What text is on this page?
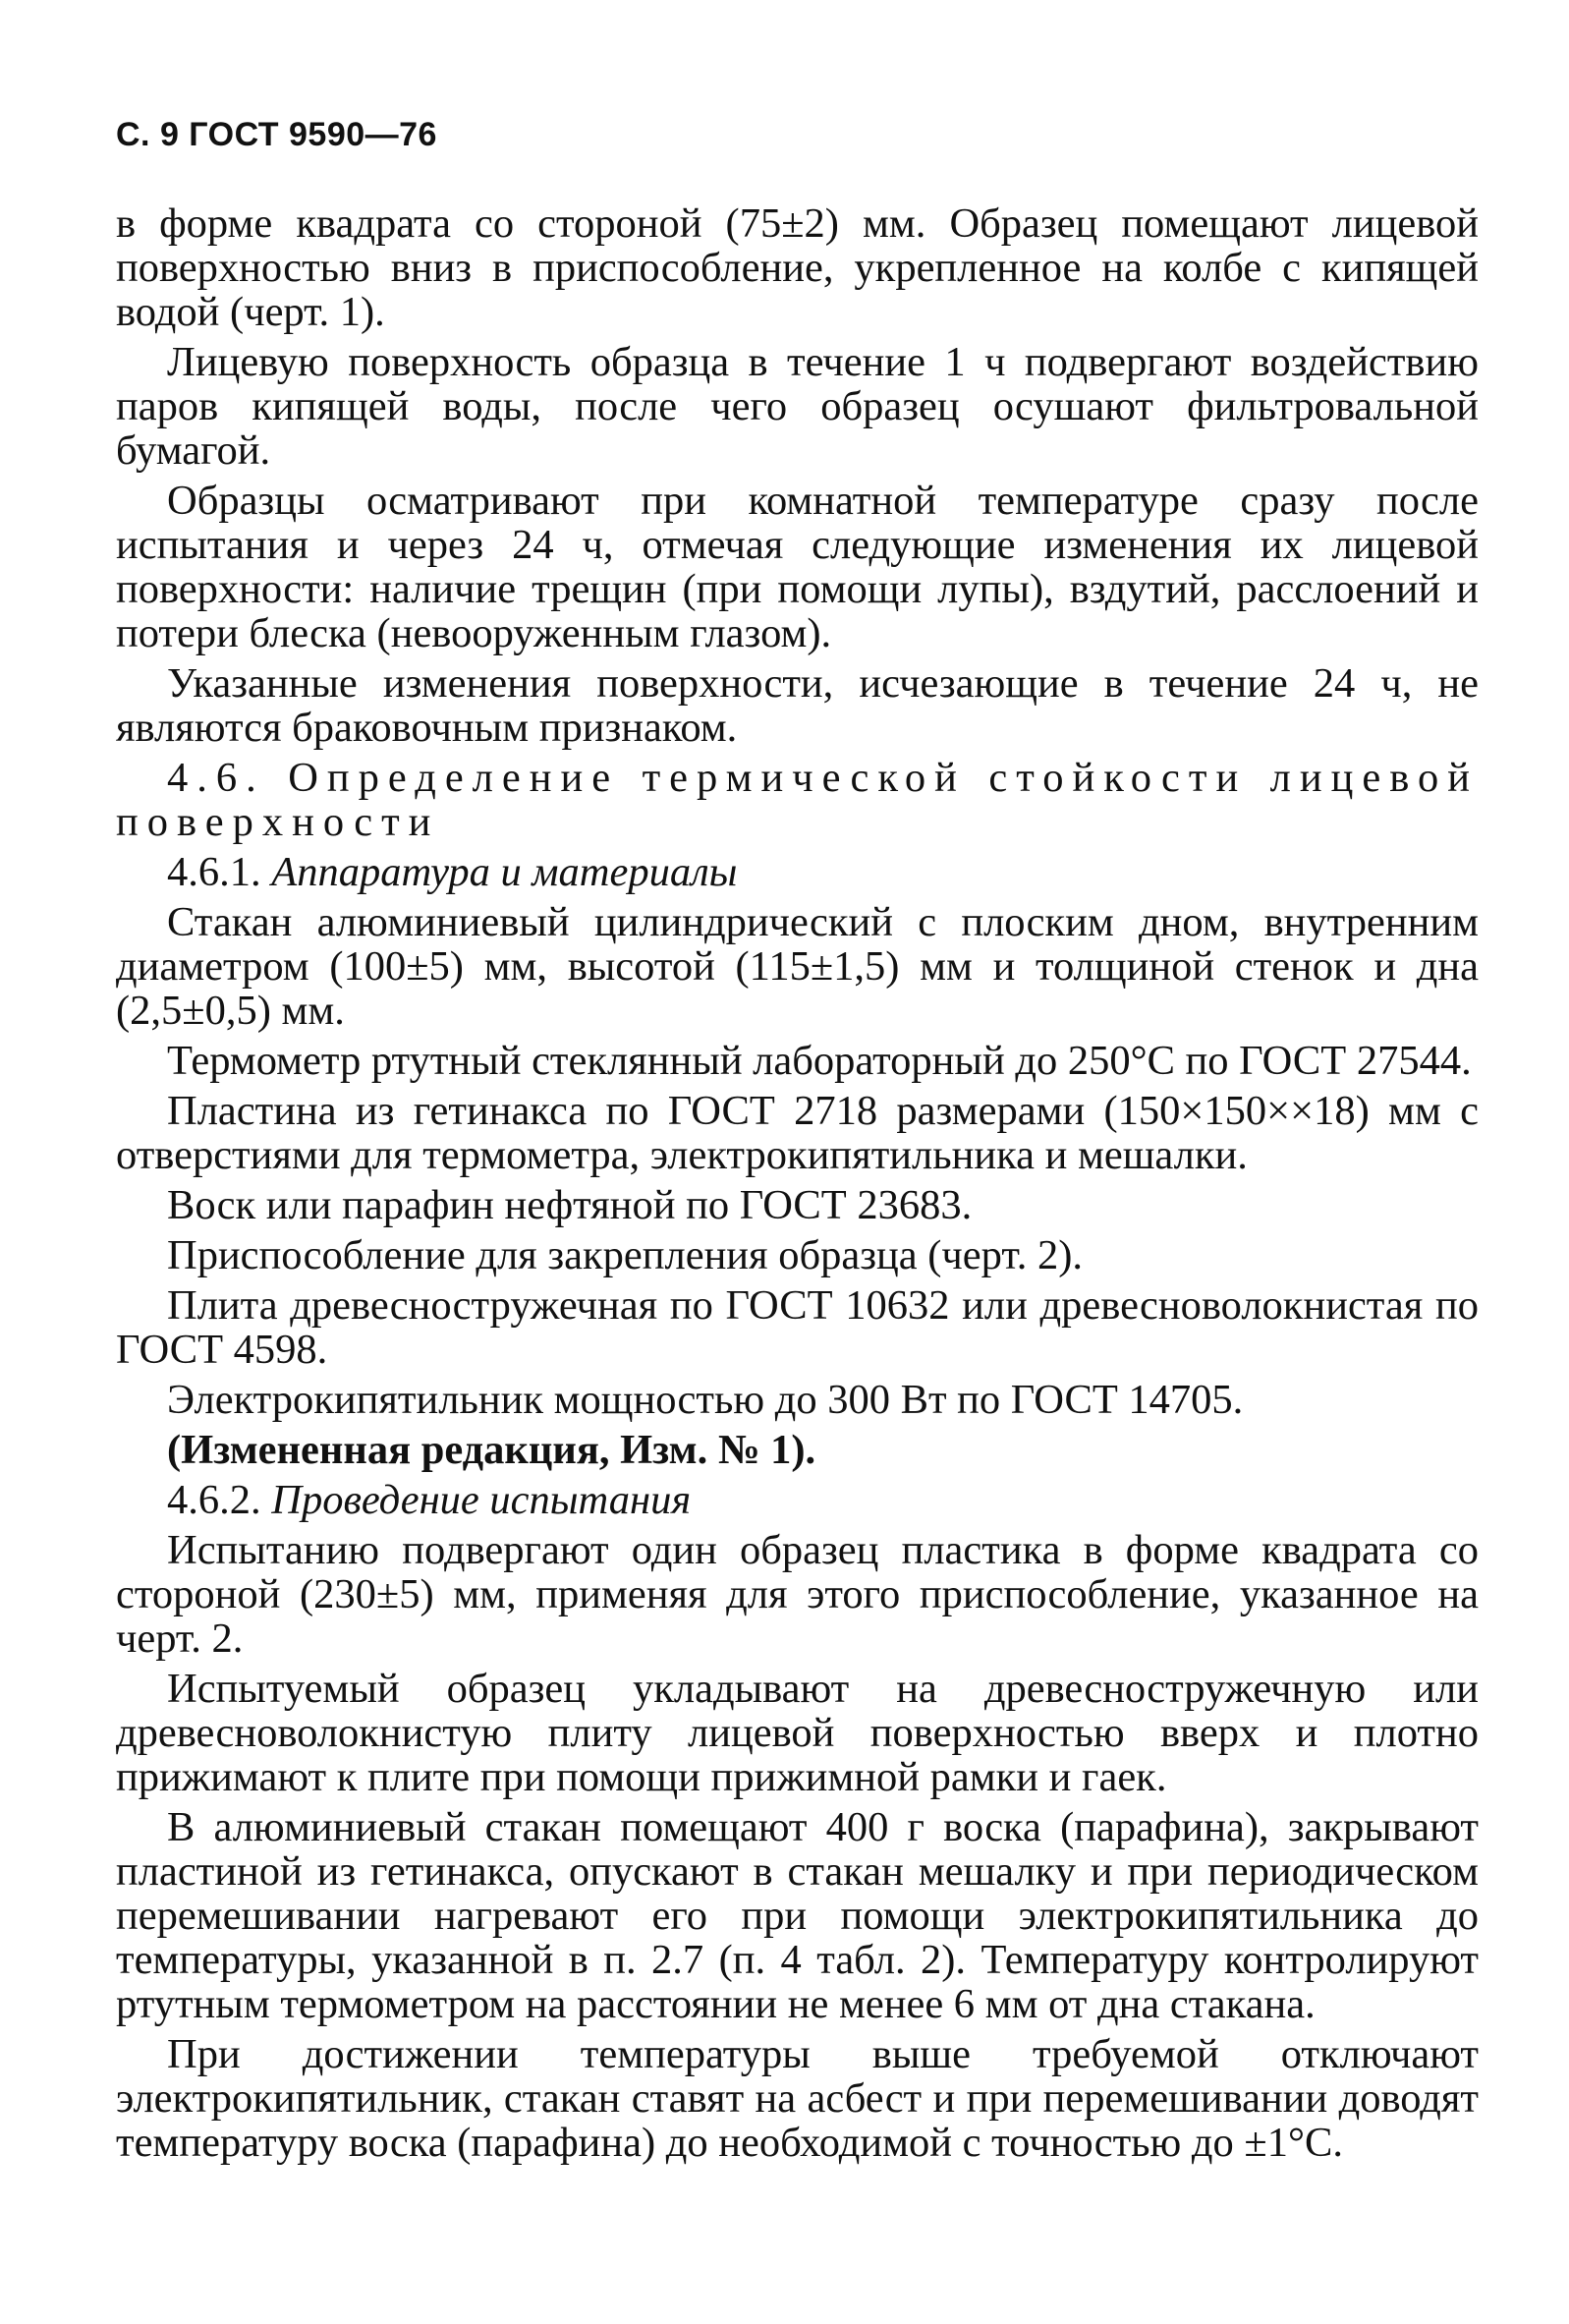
С. 9 ГОСТ 9590—76

в форме квадрата со стороной (75±2) мм. Образец помещают лицевой поверхностью вниз в приспособление, укрепленное на колбе с кипящей водой (черт. 1).

Лицевую поверхность образца в течение 1 ч подвергают воздействию паров кипящей воды, после чего образец осушают фильтровальной бумагой.

Образцы осматривают при комнатной температуре сразу после испытания и через 24 ч, отмечая следующие изменения их лицевой поверхности: наличие трещин (при помощи лупы), вздутий, расслоений и потери блеска (невооруженным глазом).

Указанные изменения поверхности, исчезающие в течение 24 ч, не являются браковочным признаком.

4.6. Определение термической стойкости лицевой поверхности

4.6.1. Аппаратура и материалы

Стакан алюминиевый цилиндрический с плоским дном, внутренним диаметром (100±5) мм, высотой (115±1,5) мм и толщиной стенок и дна (2,5±0,5) мм.

Термометр ртутный стеклянный лабораторный до 250°С по ГОСТ 27544.

Пластина из гетинакса по ГОСТ 2718 размерами (150×150××18) мм с отверстиями для термометра, электрокипятильника и мешалки.

Воск или парафин нефтяной по ГОСТ 23683.

Приспособление для закрепления образца (черт. 2).

Плита древесностружечная по ГОСТ 10632 или древесноволокнистая по ГОСТ 4598.

Электрокипятильник мощностью до 300 Вт по ГОСТ 14705.

(Измененная редакция, Изм. № 1).

4.6.2. Проведение испытания

Испытанию подвергают один образец пластика в форме квадрата со стороной (230±5) мм, применяя для этого приспособление, указанное на черт. 2.

Испытуемый образец укладывают на древесностружечную или древесноволокнистую плиту лицевой поверхностью вверх и плотно прижимают к плите при помощи прижимной рамки и гаек.

В алюминиевый стакан помещают 400 г воска (парафина), закрывают пластиной из гетинакса, опускают в стакан мешалку и при периодическом перемешивании нагревают его при помощи электрокипятильника до температуры, указанной в п. 2.7 (п. 4 табл. 2). Температуру контролируют ртутным термометром на расстоянии не менее 6 мм от дна стакана.

При достижении температуры выше требуемой отключают электрокипятильник, стакан ставят на асбест и при перемешивании доводят температуру воска (парафина) до необходимой с точностью до ±1°С.
